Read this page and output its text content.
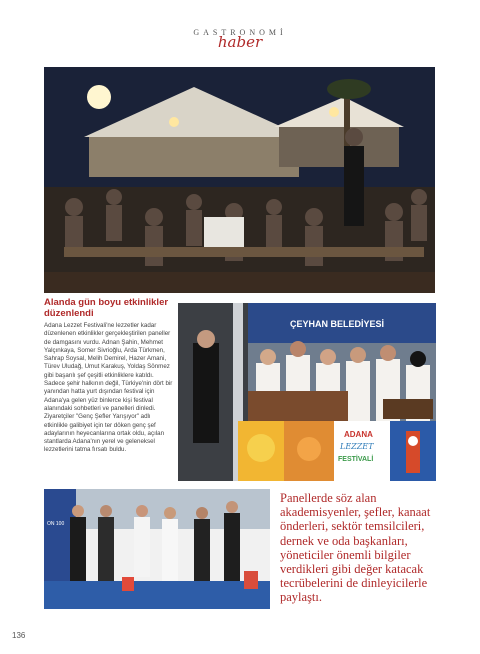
GASTRONOMİ
haber
Alanda gün boyu etkinlikler düzenlendi
Adana Lezzet Festivali'ne lezzetler kadar düzenlenen etkinlikler gerçekleştirilen paneller de damgasını vurdu. Adnan Şahin, Mehmet Yalçınkaya, Somer Sivrioğlu, Arda Türkmen, Sahrap Soysal, Melih Demirel, Hazer Amani, Türev Uludağ, Umut Karakuş, Yoldaş Sönmez gibi başarılı şef çeşitli etkinliklere katıldı. Sadece şehir halkının değil, Türkiye'nin dört bir yanından hatta yurt dışından festival için Adana'ya gelen yüz binlerce kişi festival alanındaki sohbetleri ve panelleri dinledi. Ziyaretçiler "Genç Şefler Yarışıyor" adlı etkinlikle galibiyet için ter döken genç şef adaylarının heyecanlarına ortak oldu, açılan stantlarda Adana'nın yerel ve geleneksel lezzetlerini tatma fırsatı buldu.
ÇEYHAN BELEDİYESİ
ADANA
LEZZET
FESTİVALİ
ON 100
Panellerde söz alan akademisyenler, şefler, kanaat önderleri, sektör temsilcileri, dernek ve oda başkanları, yöneticiler önemli bilgiler verdikleri gibi değer katacak tecrübelerini de dinleyicilerle paylaştı.
136
